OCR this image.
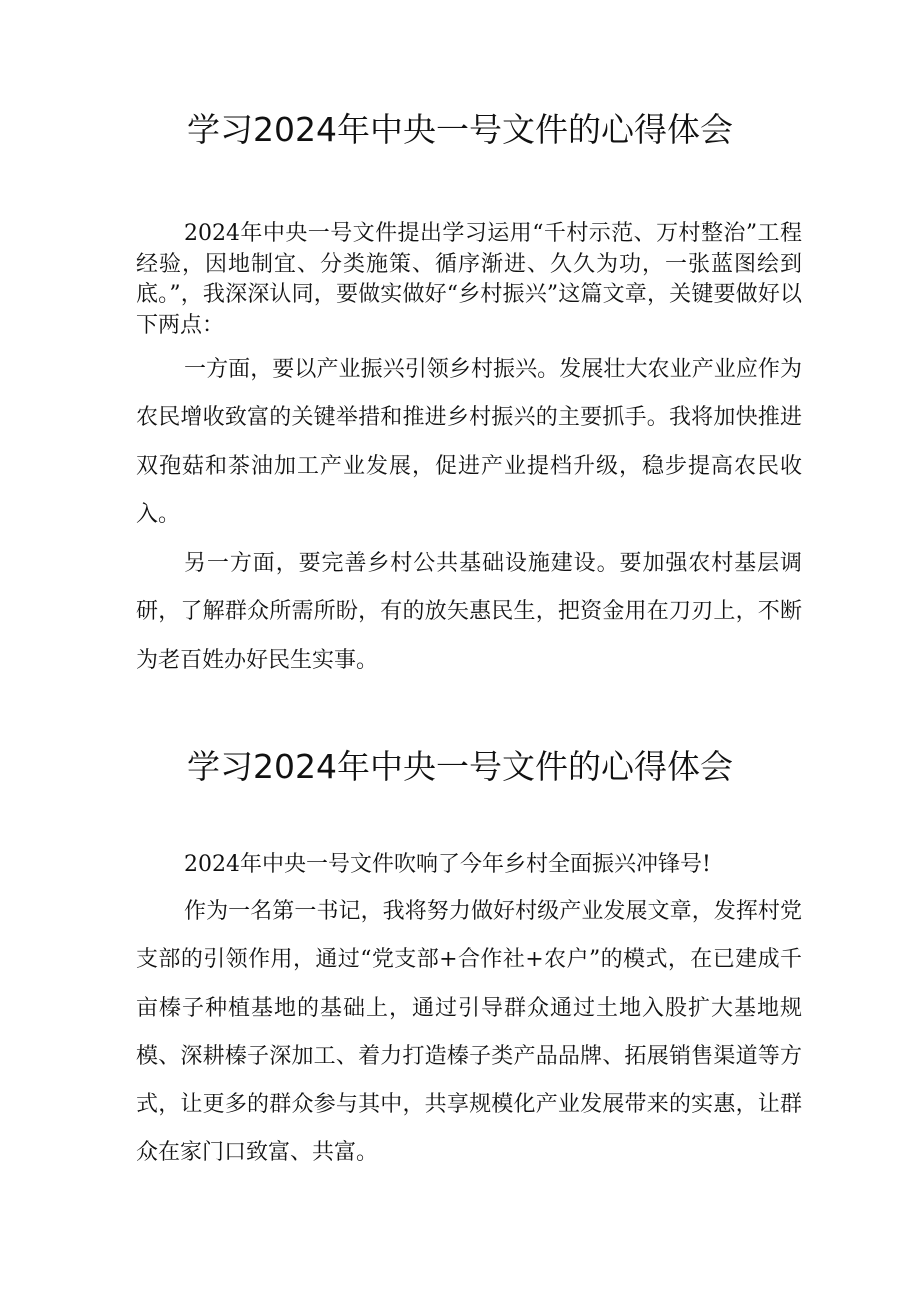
学习2024年中央一号文件的心得体会

2024年中央一号文件提出学习运用“千村示范、万村整治”工程经验，因地制宜、分类施策、循序渐进、久久为功，一张蓝图绘到底。”，我深深认同，要做实做好“乡村振兴”这篇文章，关键要做好以下两点：

一方面，要以产业振兴引领乡村振兴。发展壮大农业产业应作为农民增收致富的关键举措和推进乡村振兴的主要抓手。我将加快推进双孢菇和茶油加工产业发展，促进产业提档升级，稳步提高农民收入。

另一方面，要完善乡村公共基础设施建设。要加强农村基层调研，了解群众所需所盼，有的放矢惠民生，把资金用在刀刃上，不断为老百姓办好民生实事。

学习2024年中央一号文件的心得体会

2024年中央一号文件吹响了今年乡村全面振兴冲锋号!

作为一名第一书记，我将努力做好村级产业发展文章，发挥村党支部的引领作用，通过“党支部+合作社+农户”的模式，在已建成千亩榛子种植基地的基础上，通过引导群众通过土地入股扩大基地规模、深耕榛子深加工、着力打造榛子类产品品牌、拓展销售渠道等方式，让更多的群众参与其中，共享规模化产业发展带来的实惠，让群众在家门口致富、共富。
